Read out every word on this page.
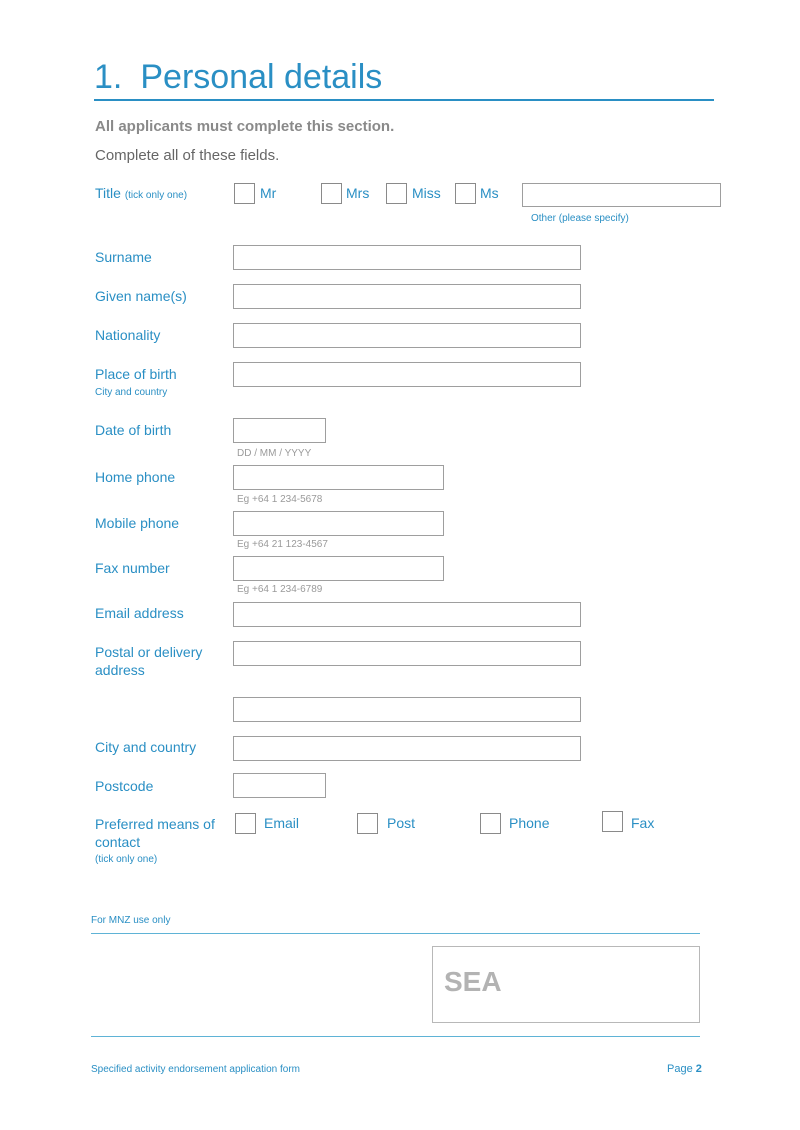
1. Personal details
All applicants must complete this section.
Complete all of these fields.
Title (tick only one)	Mr	Mrs	Miss	Ms
Other (please specify)
Surname
Given name(s)
Nationality
Place of birth
City and country
Date of birth
DD / MM / YYYY
Home phone
Eg +64 1 234-5678
Mobile phone
Eg +64 21 123-4567
Fax number
Eg +64 1 234-6789
Email address
Postal or delivery
address
City and country
Postcode
Preferred means of
contact
(tick only one)
Email	Post	Phone	Fax
For MNZ use only
SEA
Specified activity endorsement application form	Page 2
